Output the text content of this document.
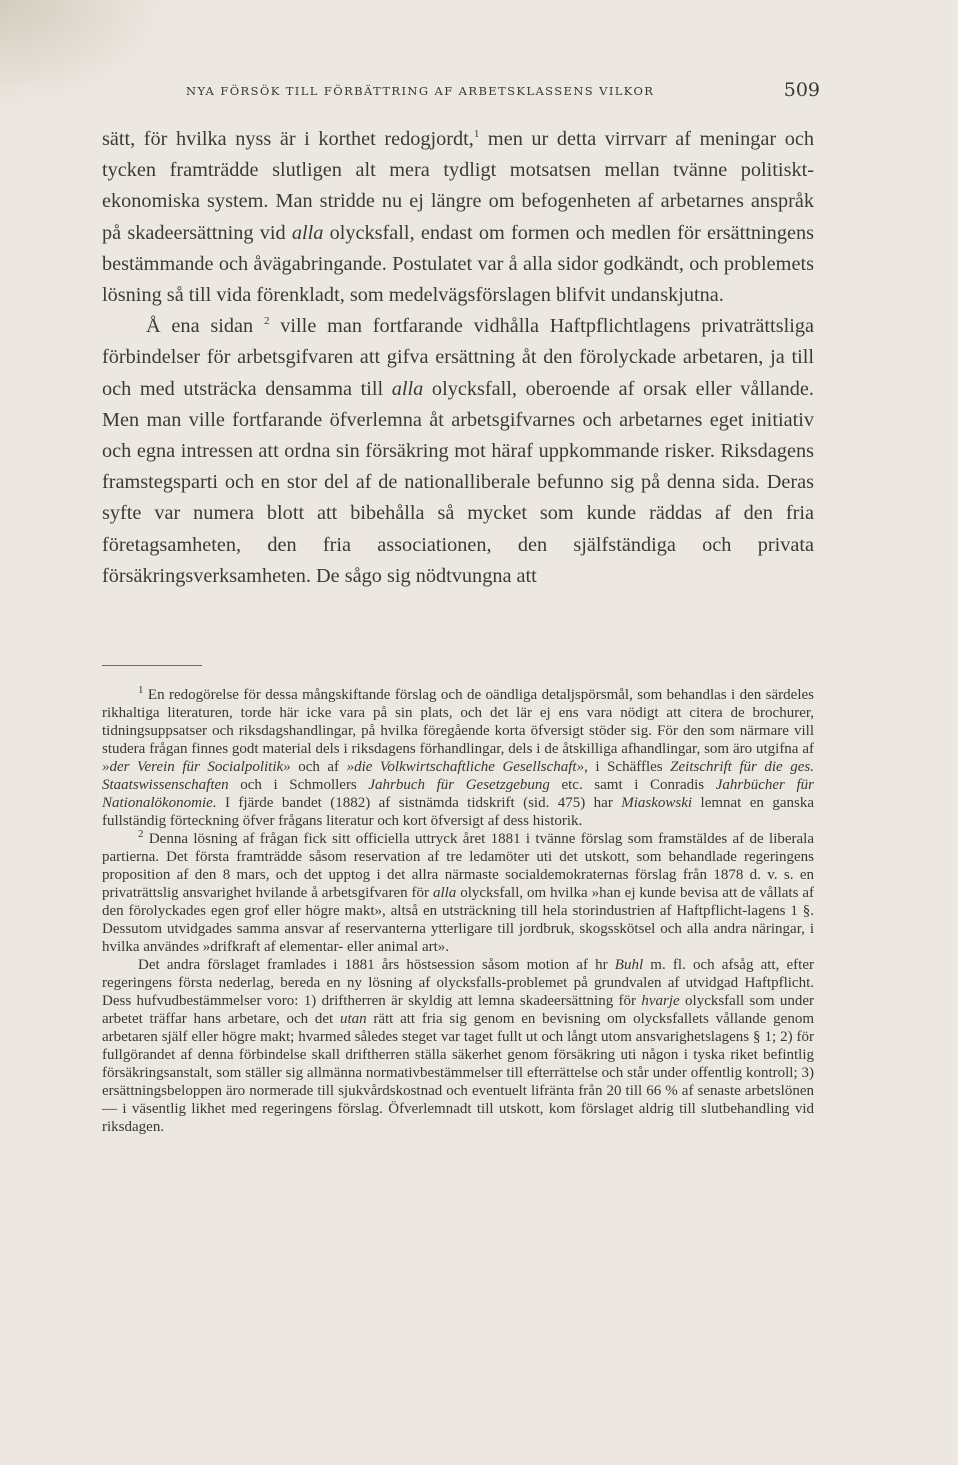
NYA FÖRSÖK TILL FÖRBÄTTRING AF ARBETSKLASSENS VILKOR	509

sätt, för hvilka nyss är i korthet redogjordt,$^1$ men ur detta virrvarr af meningar och tycken framträdde slutligen alt mera tydligt motsatsen mellan tvänne politiskt-ekonomiska system. Man stridde nu ej längre om befogenheten af arbetarnes anspråk på skadeersättning vid alla olycksfall, endast om formen och medlen för ersättningens bestämmande och åvägabringande. Postulatet var å alla sidor godkändt, och problemets lösning så till vida förenkladt, som medelvägsförslagen blifvit undanskjutna.

Å ena sidan $^2$ ville man fortfarande vidhålla Haftpflichtlagens privaträttsliga förbindelser för arbetsgifvaren att gifva ersättning åt den förolyckade arbetaren, ja till och med utsträcka densamma till alla olycksfall, oberoende af orsak eller vållande. Men man ville fortfarande öfverlemna åt arbetsgifvarnes och arbetarnes eget initiativ och egna intressen att ordna sin försäkring mot häraf uppkommande risker. Riksdagens framstegsparti och en stor del af de nationalliberale befunno sig på denna sida. Deras syfte var numera blott att bibehålla så mycket som kunde räddas af den fria företagsamheten, den fria associationen, den själfständiga och privata försäkringsverksamheten. De sågo sig nödtvungna att

$^1$ En redogörelse för dessa mångskiftande förslag och de oändliga detaljspörsmål, som behandlas i den särdeles rikhaltiga literaturen, torde här icke vara på sin plats, och det lär ej ens vara nödigt att citera de brochurer, tidningsuppsatser och riksdagshandlingar, på hvilka föregående korta öfversigt stöder sig. För den som närmare vill studera frågan finnes godt material dels i riksdagens förhandlingar, dels i de åtskilliga afhandlingar, som äro utgifna af »der Verein für Socialpolitik» och af »die Volkwirtschaftliche Gesellschaft», i Schäffles Zeitschrift für die ges. Staatswissenschaften och i Schmollers Jahrbuch für Gesetzgebung etc. samt i Conradis Jahrbücher für Nationalökonomie. I fjärde bandet (1882) af sistnämda tidskrift (sid. 475) har Miaskowski lemnat en ganska fullständig förteckning öfver frågans literatur och kort öfversigt af dess historik.

$^2$ Denna lösning af frågan fick sitt officiella uttryck året 1881 i tvänne förslag som framstäldes af de liberala partierna. Det första framträdde såsom reservation af tre ledamöter uti det utskott, som behandlade regeringens proposition af den 8 mars, och det upptog i det allra närmaste socialdemokraternas förslag från 1878 d. v. s. en privaträttslig ansvarighet hvilande å arbetsgifvaren för alla olycksfall, om hvilka »han ej kunde bevisa att de vållats af den förolyckades egen grof eller högre makt», altså en utsträckning till hela storindustrien af Haftpflicht-lagens 1 §. Dessutom utvidgades samma ansvar af reservanterna ytterligare till jordbruk, skogsskötsel och alla andra näringar, i hvilka användes »drifkraft af elementar- eller animal art».

Det andra förslaget framlades i 1881 års höstsession såsom motion af hr Buhl m. fl. och afsåg att, efter regeringens första nederlag, bereda en ny lösning af olycksfalls-problemet på grundvalen af utvidgad Haftpflicht. Dess hufvudbestämmelser voro: 1) driftherren är skyldig att lemna skadeersättning för hvarje olycksfall som under arbetet träffar hans arbetare, och det utan rätt att fria sig genom en bevisning om olycksfallets vållande genom arbetaren själf eller högre makt; hvarmed således steget var taget fullt ut och långt utom ansvarighetslagens § 1; 2) för fullgörandet af denna förbindelse skall driftherren ställa säkerhet genom försäkring uti någon i tyska riket befintlig försäkringsanstalt, som ställer sig allmänna normativbestämmelser till efterrättelse och står under offentlig kontroll; 3) ersättningsbeloppen äro normerade till sjukvårdskostnad och eventuelt lifränta från 20 till 66 % af senaste arbetslönen — i väsentlig likhet med regeringens förslag. Öfverlemnadt till utskott, kom förslaget aldrig till slutbehandling vid riksdagen.
